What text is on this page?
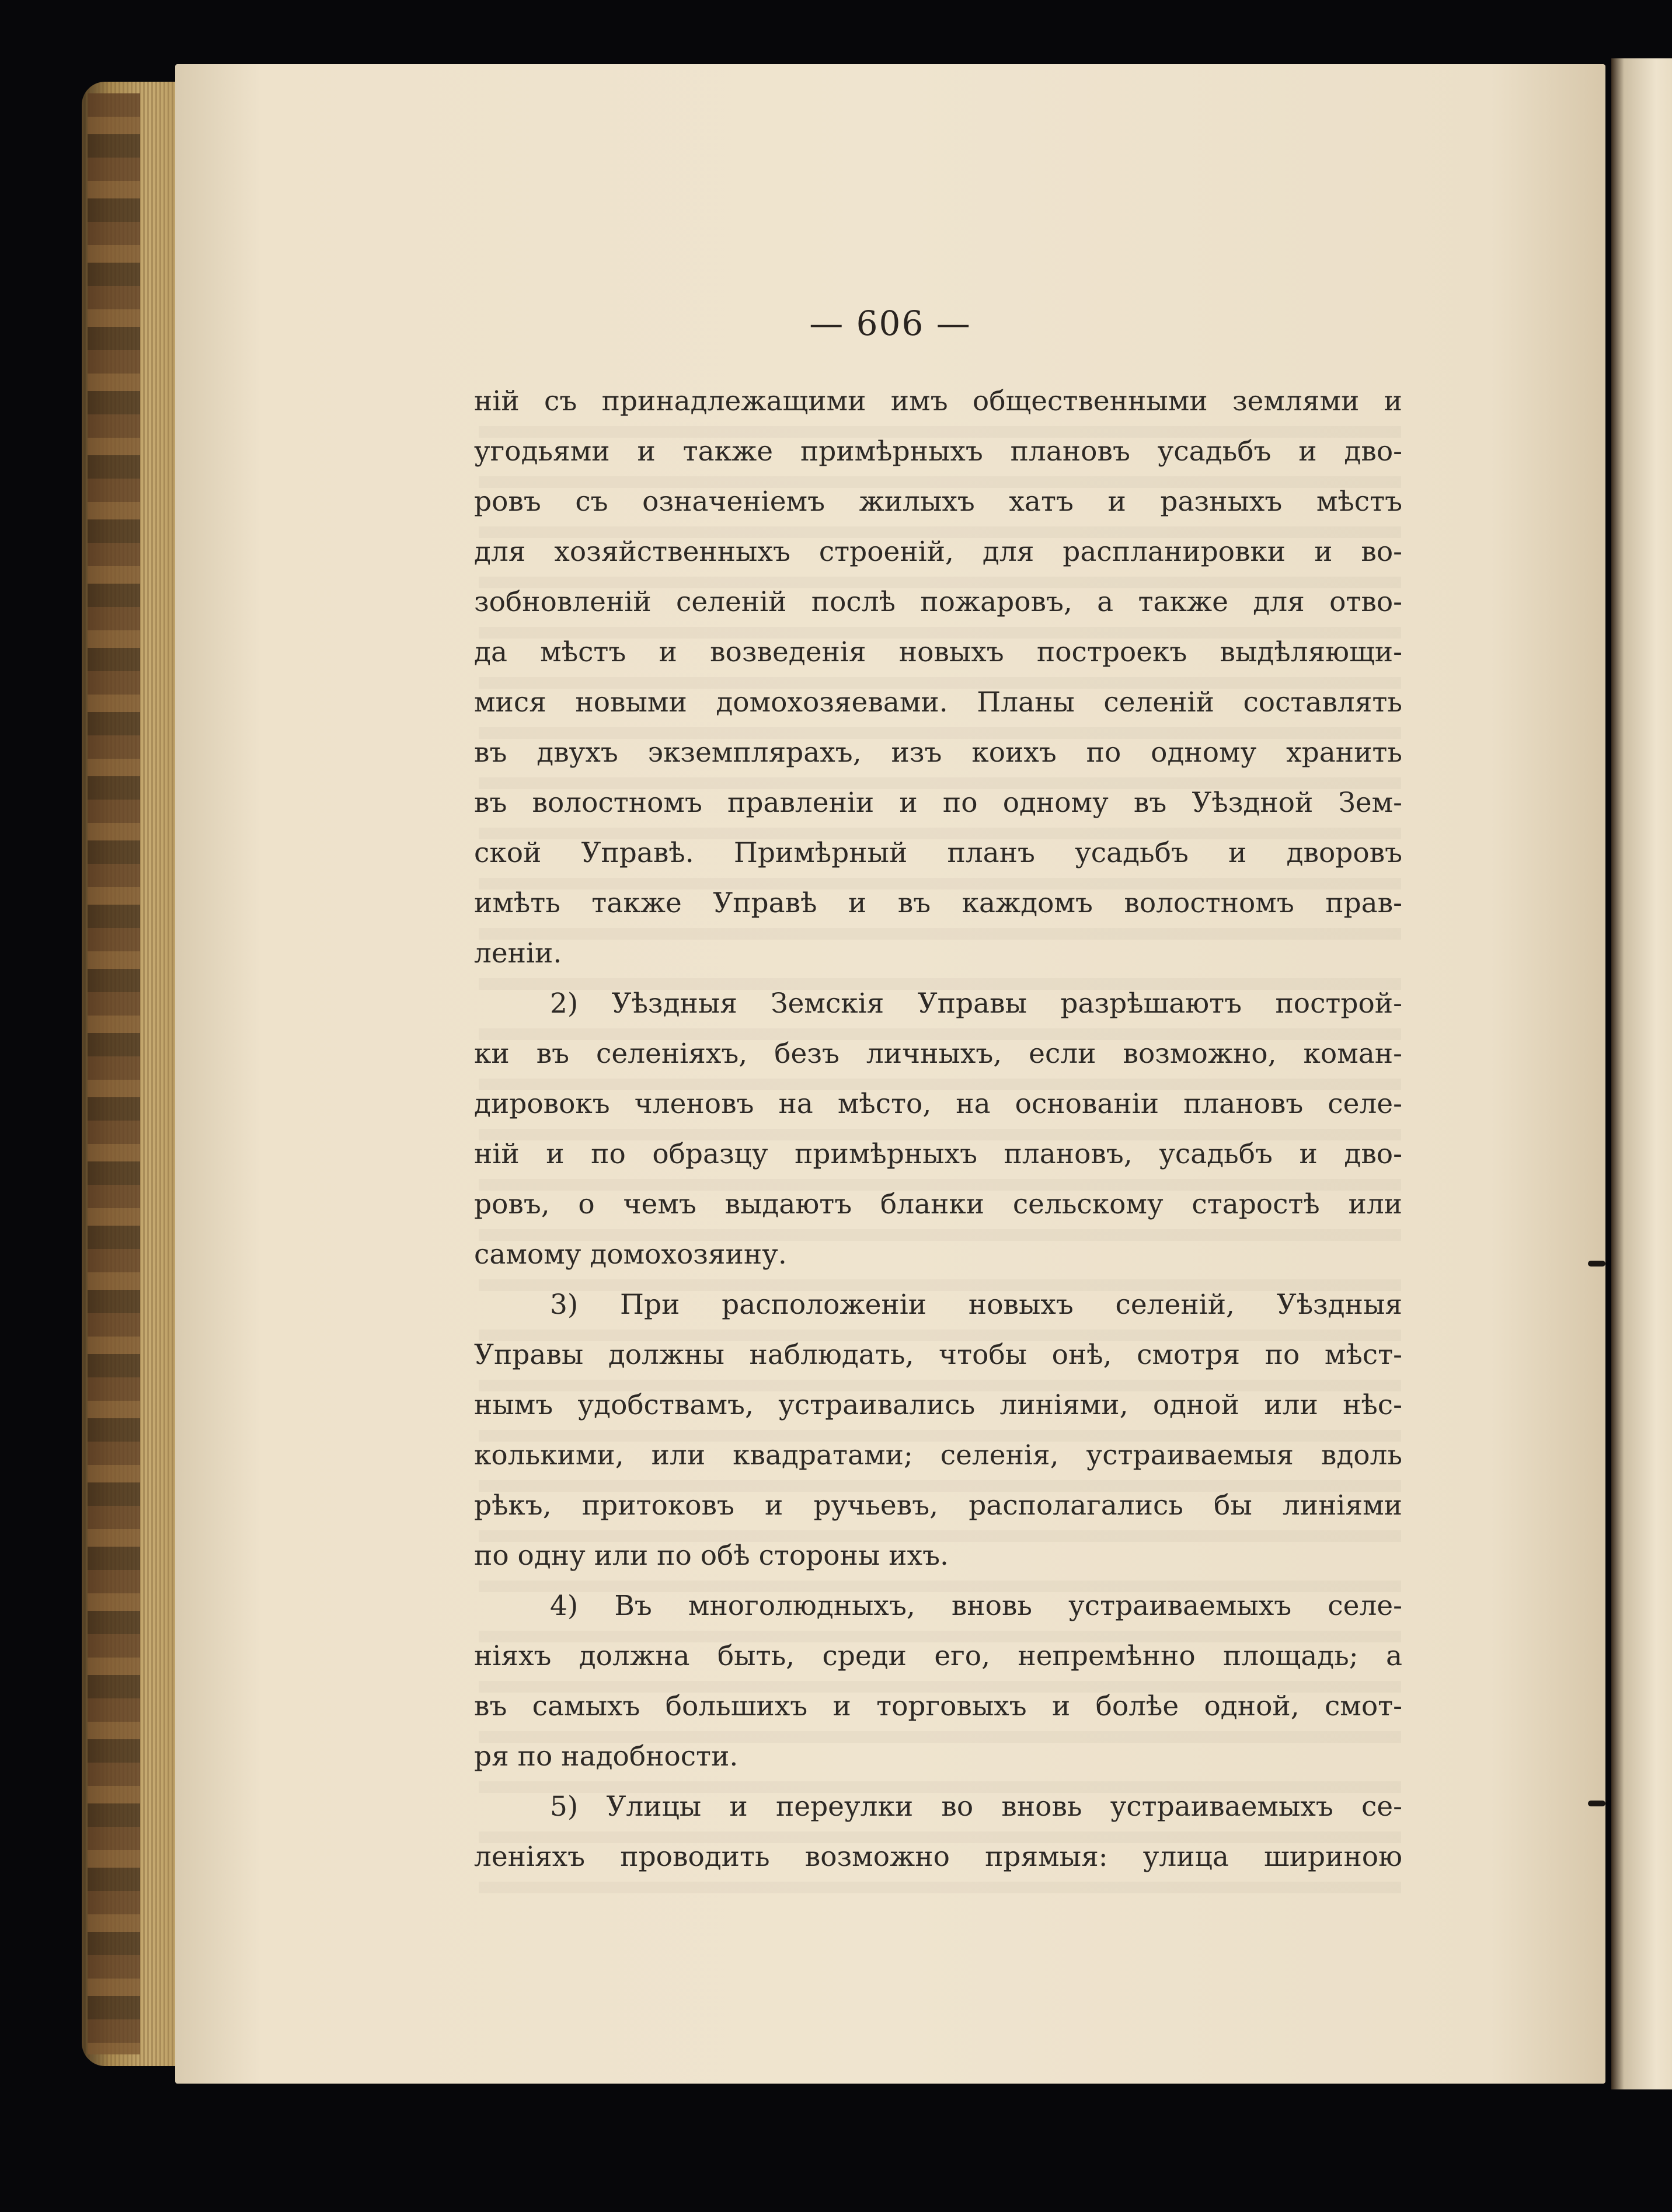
— 606 —
ній съ принадлежащими имъ общественными землями и
угодьями и также примѣрныхъ плановъ усадьбъ и дво-
ровъ съ означеніемъ жилыхъ хатъ и разныхъ мѣстъ
для хозяйственныхъ строеній, для распланировки и во-
зобновленій селеній послѣ пожаровъ, а также для отво-
да мѣстъ и возведенія новыхъ построекъ выдѣляющи-
мися новыми домохозяевами. Планы селеній составлять
въ двухъ экземплярахъ, изъ коихъ по одному хранить
въ волостномъ правленіи и по одному въ Уѣздной Зем-
ской Управѣ. Примѣрный планъ усадьбъ и дворовъ
имѣть также Управѣ и въ каждомъ волостномъ прав-
леніи.
2) Уѣздныя Земскія Управы разрѣшаютъ построй-
ки въ селеніяхъ, безъ личныхъ, если возможно, коман-
дировокъ членовъ на мѣсто, на основаніи плановъ селе-
ній и по образцу примѣрныхъ плановъ, усадьбъ и дво-
ровъ, о чемъ выдаютъ бланки сельскому старостѣ или
самому домохозяину.
3) При расположеніи новыхъ селеній, Уѣздныя
Управы должны наблюдать, чтобы онѣ, смотря по мѣст-
нымъ удобствамъ, устраивались линіями, одной или нѣс-
колькими, или квадратами; селенія, устраиваемыя вдоль
рѣкъ, притоковъ и ручьевъ, располагались бы линіями
по одну или по обѣ стороны ихъ.
4) Въ многолюдныхъ, вновь устраиваемыхъ селе-
ніяхъ должна быть, среди его, непремѣнно площадь; а
въ самыхъ большихъ и торговыхъ и болѣе одной, смот-
ря по надобности.
5) Улицы и переулки во вновь устраиваемыхъ се-
леніяхъ проводить возможно прямыя: улица шириною
